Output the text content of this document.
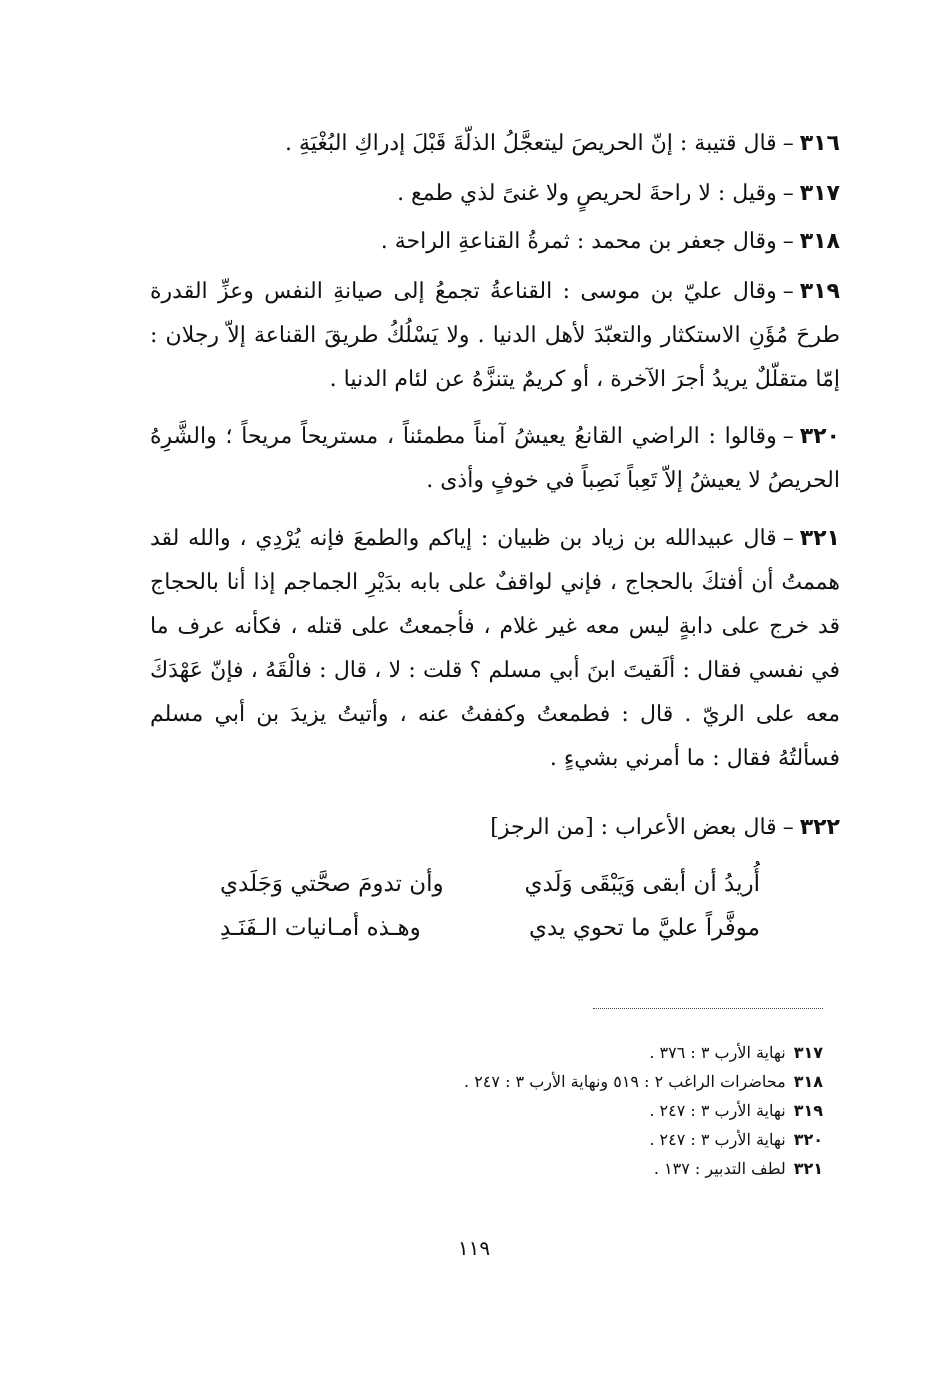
٣١٦–قال قتيبة : إنّ الحريصَ ليتعجَّلُ الذلّةَ قَبْلَ إدراكِ البُغْيَةِ .

٣١٧–وقيل : لا راحةَ لحريصٍ ولا غنىً لذي طمع .

٣١٨–وقال جعفر بن محمد : ثمرةُ القناعةِ الراحة .

٣١٩–وقال عليّ بن موسى : القناعةُ تجمعُ إلى صيانةِ النفس وعزِّ القدرة طرحَ مُؤَنِ الاستكثار والتعبّدَ لأهل الدنيا . ولا يَسْلُكُ طريقَ القناعة إلاّ رجلان : إمّا متقلّلٌ يريدُ أجرَ الآخرة ، أو كريمٌ يتنزَّهُ عن لئام الدنيا .

٣٢٠–وقالوا : الراضي القانعُ يعيشُ آمناً مطمئناً ، مستريحاً مريحاً ؛ والشَّرِهُ الحريصُ لا يعيشُ إلاّ تَعِباً نَصِباً في خوفٍ وأذى .

٣٢١–قال عبيدالله بن زياد بن ظبيان : إياكم والطمعَ فإنه يُرْدِي ، والله لقد هممتُ أن أفتكَ بالحجاج ، فإني لواقفٌ على بابه بدَيْرِ الجماجم إذا أنا بالحجاج قد خرج على دابةٍ ليس معه غير غلام ، فأجمعتُ على قتله ، فكأنه عرف ما في نفسي فقال : ألَقيتَ ابنَ أبي مسلم ؟ قلت : لا ، قال : فالْقَهُ ، فإنّ عَهْدَكَ معه على الريّ . قال : فطمعتُ وكففتُ عنه ، وأتيتُ يزيدَ بن أبي مسلم فسألتُهُ فقال : ما أمرني بشيءٍ .

٣٢٢–قال بعض الأعراب : [من الرجز]

أُريدُ أن أبقى وَيَبْقَى وَلَدي
وأن تدومَ صحَّتي وَجَلَدي
موفَّراً عليَّ ما تحوي يدي
وهـذه أمـانيات الـفَنَـدِ
٣١٧نهاية الأرب ٣ : ٣٧٦ .
٣١٨محاضرات الراغب ٢ : ٥١٩ ونهاية الأرب ٣ : ٢٤٧ .
٣١٩نهاية الأرب ٣ : ٢٤٧ .
٣٢٠نهاية الأرب ٣ : ٢٤٧ .
٣٢١لطف التدبير : ١٣٧ .
١١٩
